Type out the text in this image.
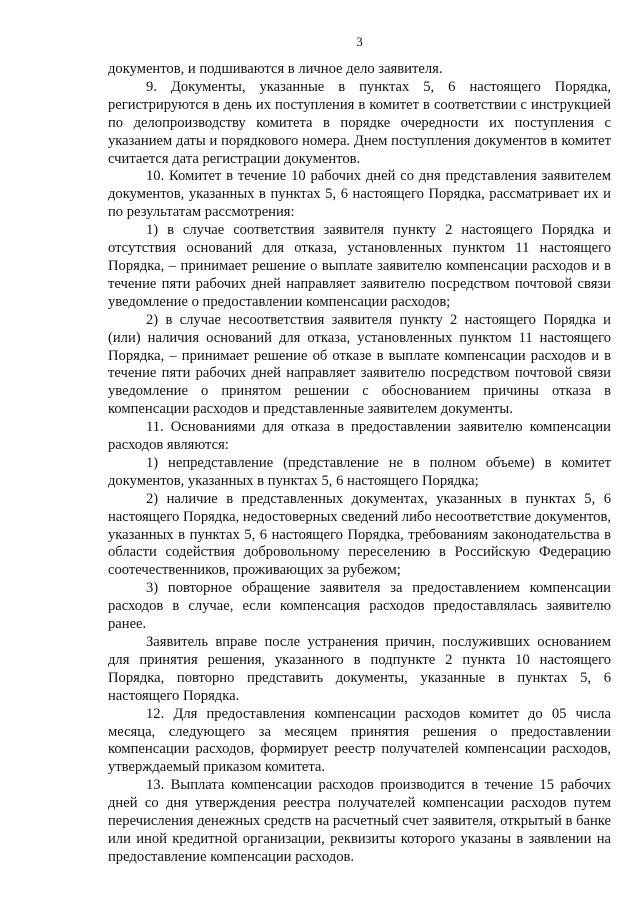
3

документов, и подшиваются в личное дело заявителя.

9. Документы, указанные в пунктах 5, 6 настоящего Порядка, регистрируются в день их поступления в комитет в соответствии с инструкцией по делопроизводству комитета в порядке очередности их поступления с указанием даты и порядкового номера. Днем поступления документов в комитет считается дата регистрации документов.

10. Комитет в течение 10 рабочих дней со дня представления заявителем документов, указанных в пунктах 5, 6 настоящего Порядка, рассматривает их и по результатам рассмотрения:

1) в случае соответствия заявителя пункту 2 настоящего Порядка и отсутствия оснований для отказа, установленных пунктом 11 настоящего Порядка, – принимает решение о выплате заявителю компенсации расходов и в течение пяти рабочих дней направляет заявителю посредством почтовой связи уведомление о предоставлении компенсации расходов;

2) в случае несоответствия заявителя пункту 2 настоящего Порядка и (или) наличия оснований для отказа, установленных пунктом 11 настоящего Порядка, – принимает решение об отказе в выплате компенсации расходов и в течение пяти рабочих дней направляет заявителю посредством почтовой связи уведомление о принятом решении с обоснованием причины отказа в компенсации расходов и представленные заявителем документы.

11. Основаниями для отказа в предоставлении заявителю компенсации расходов являются:

1) непредставление (представление не в полном объеме) в комитет документов, указанных в пунктах 5, 6 настоящего Порядка;

2) наличие в представленных документах, указанных в пунктах 5, 6 настоящего Порядка, недостоверных сведений либо несоответствие документов, указанных в пунктах 5, 6 настоящего Порядка, требованиям законодательства в области содействия добровольному переселению в Российскую Федерацию соотечественников, проживающих за рубежом;

3) повторное обращение заявителя за предоставлением компенсации расходов в случае, если компенсация расходов предоставлялась заявителю ранее.

Заявитель вправе после устранения причин, послуживших основанием для принятия решения, указанного в подпункте 2 пункта 10 настоящего Порядка, повторно представить документы, указанные в пунктах 5, 6 настоящего Порядка.

12. Для предоставления компенсации расходов комитет до 05 числа месяца, следующего за месяцем принятия решения о предоставлении компенсации расходов, формирует реестр получателей компенсации расходов, утверждаемый приказом комитета.

13. Выплата компенсации расходов производится в течение 15 рабочих дней со дня утверждения реестра получателей компенсации расходов путем перечисления денежных средств на расчетный счет заявителя, открытый в банке или иной кредитной организации, реквизиты которого указаны в заявлении на предоставление компенсации расходов.
